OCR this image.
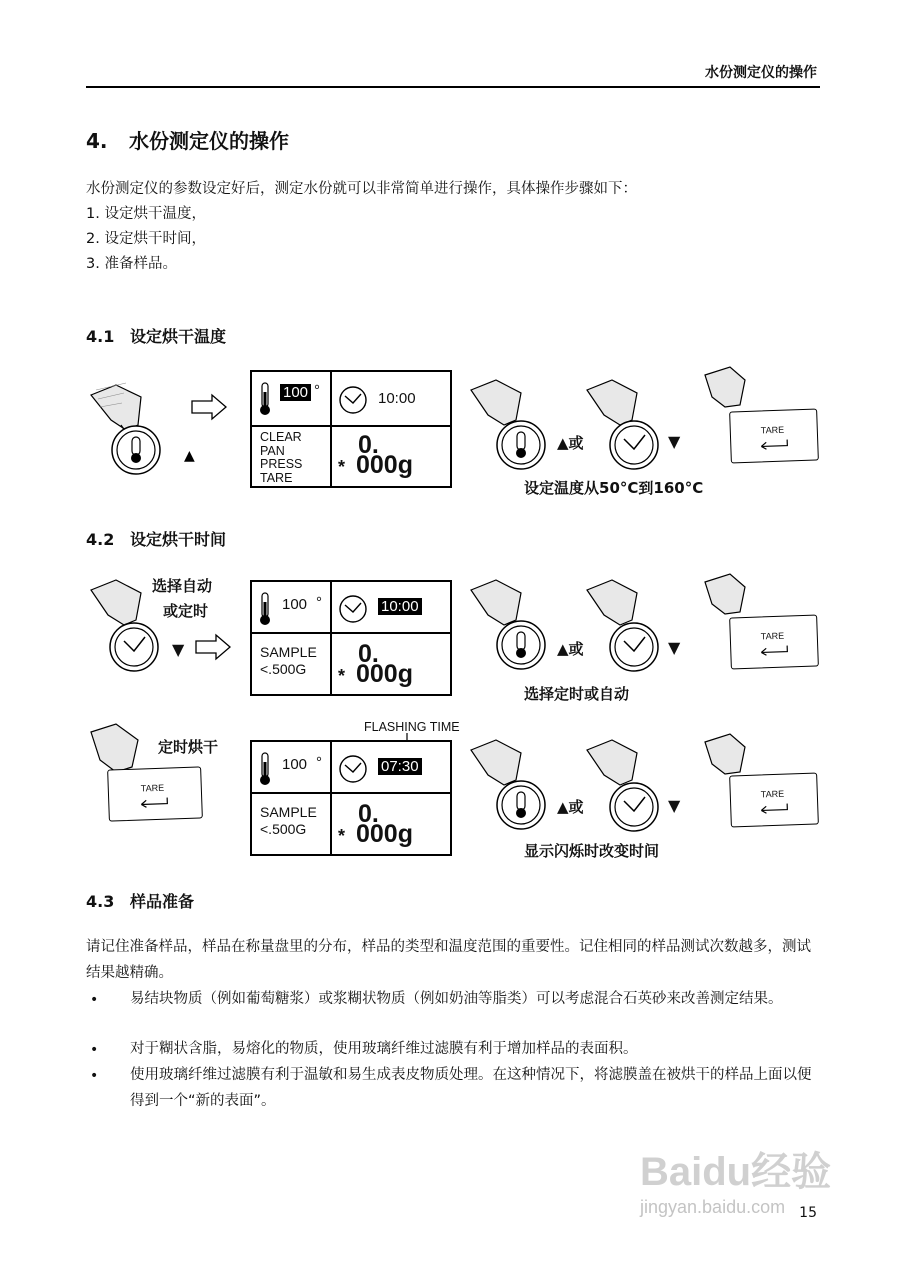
水份测定仪的操作
4. 水份测定仪的操作
水份测定仪的参数设定好后，测定水份就可以非常简单进行操作，具体操作步骤如下：
1. 设定烘干温度，
2. 设定烘干时间，
3. 准备样品。
4.1 设定烘干温度
▲
100 °	10:00
CLEAR
PAN
PRESS
TARE
0.
* 000g
▲或	▼
TARE
设定温度从50°C到160°C
4.2 设定烘干时间
选择自动
或定时
▼
100 °	10:00
SAMPLE
<.500G
0.
* 000g
▲或	▼
TARE
选择定时或自动
定时烘干
TARE
FLASHING TIME
100 °	07:30
SAMPLE
<.500G
0.
* 000g
▲或	▼
TARE
显示闪烁时改变时间
4.3 样品准备
请记住准备样品，样品在称量盘里的分布，样品的类型和温度范围的重要性。记住相同的样品测试次数越多，测试结果越精确。
• 易结块物质（例如葡萄糖浆）或浆糊状物质（例如奶油等脂类）可以考虑混合石英砂来改善测定结果。
• 对于糊状含脂，易熔化的物质，使用玻璃纤维过滤膜有利于增加样品的表面积。
• 使用玻璃纤维过滤膜有利于温敏和易生成表皮物质处理。在这种情况下，将滤膜盖在被烘干的样品上面以便得到一个“新的表面”。
Baidu经验
jingyan.baidu.com	15
